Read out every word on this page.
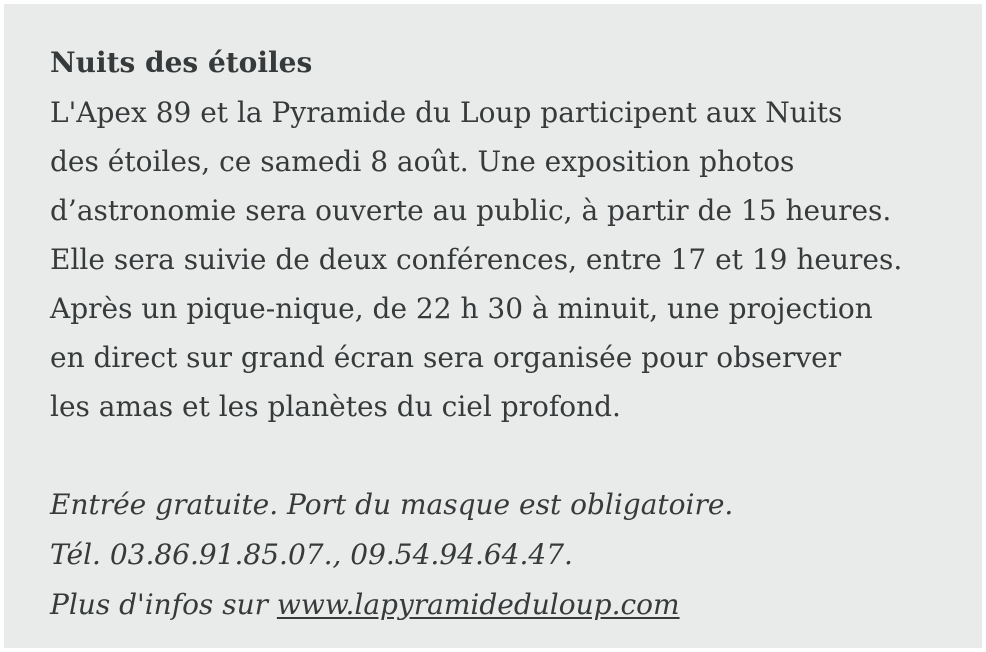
Nuits des étoiles

L'Apex 89 et la Pyramide du Loup participent aux Nuits

des étoiles, ce samedi 8 août. Une exposition photos

d’astronomie sera ouverte au public, à partir de 15 heures.

Elle sera suivie de deux conférences, entre 17 et 19 heures.

Après un pique-nique, de 22 h 30 à minuit, une projection

en direct sur grand écran sera organisée pour observer

les amas et les planètes du ciel profond.

Entrée gratuite. Port du masque est obligatoire.

Tél. 03.86.91.85.07., 09.54.94.64.47.

Plus d'infos sur www.lapyramideduloup.com
